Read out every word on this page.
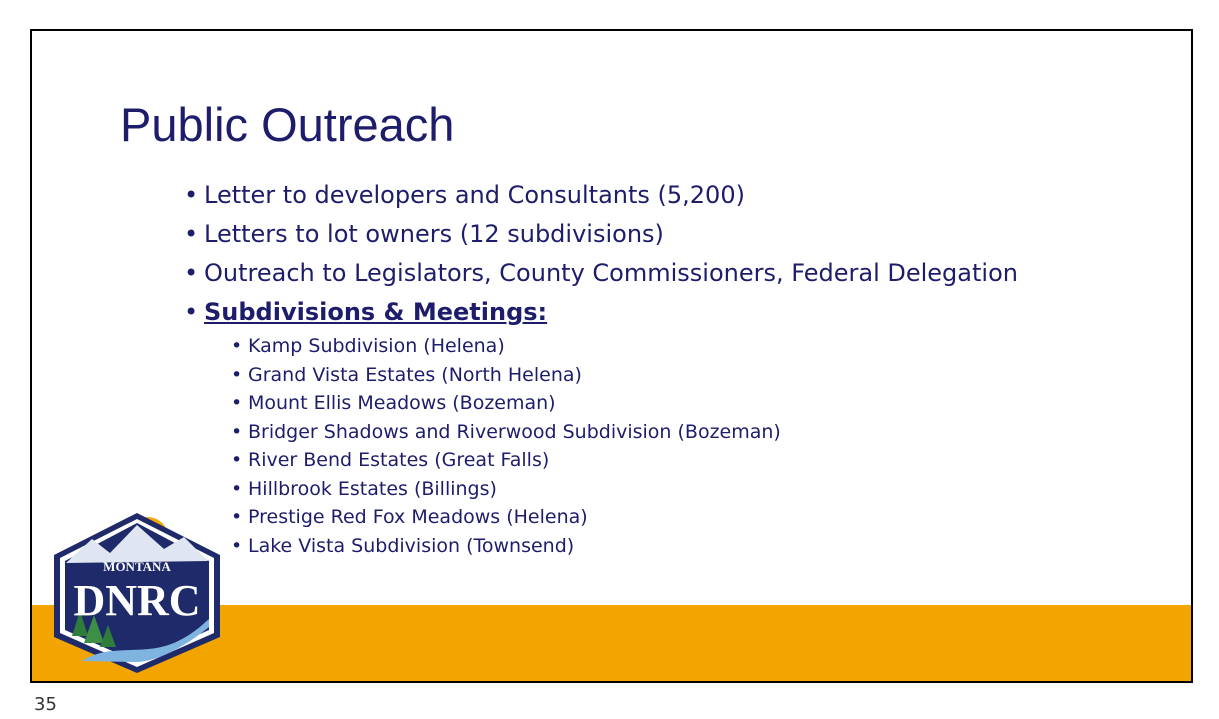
Public Outreach
• Letter to developers and Consultants (5,200)
• Letters to lot owners (12 subdivisions)
• Outreach to Legislators, County Commissioners, Federal Delegation
• Subdivisions & Meetings:
• Kamp Subdivision (Helena)
• Grand Vista Estates (North Helena)
• Mount Ellis Meadows (Bozeman)
• Bridger Shadows and Riverwood Subdivision (Bozeman)
• River Bend Estates (Great Falls)
• Hillbrook Estates (Billings)
• Prestige Red Fox Meadows (Helena)
• Lake Vista Subdivision (Townsend)
MONTANA
DNRC
35
